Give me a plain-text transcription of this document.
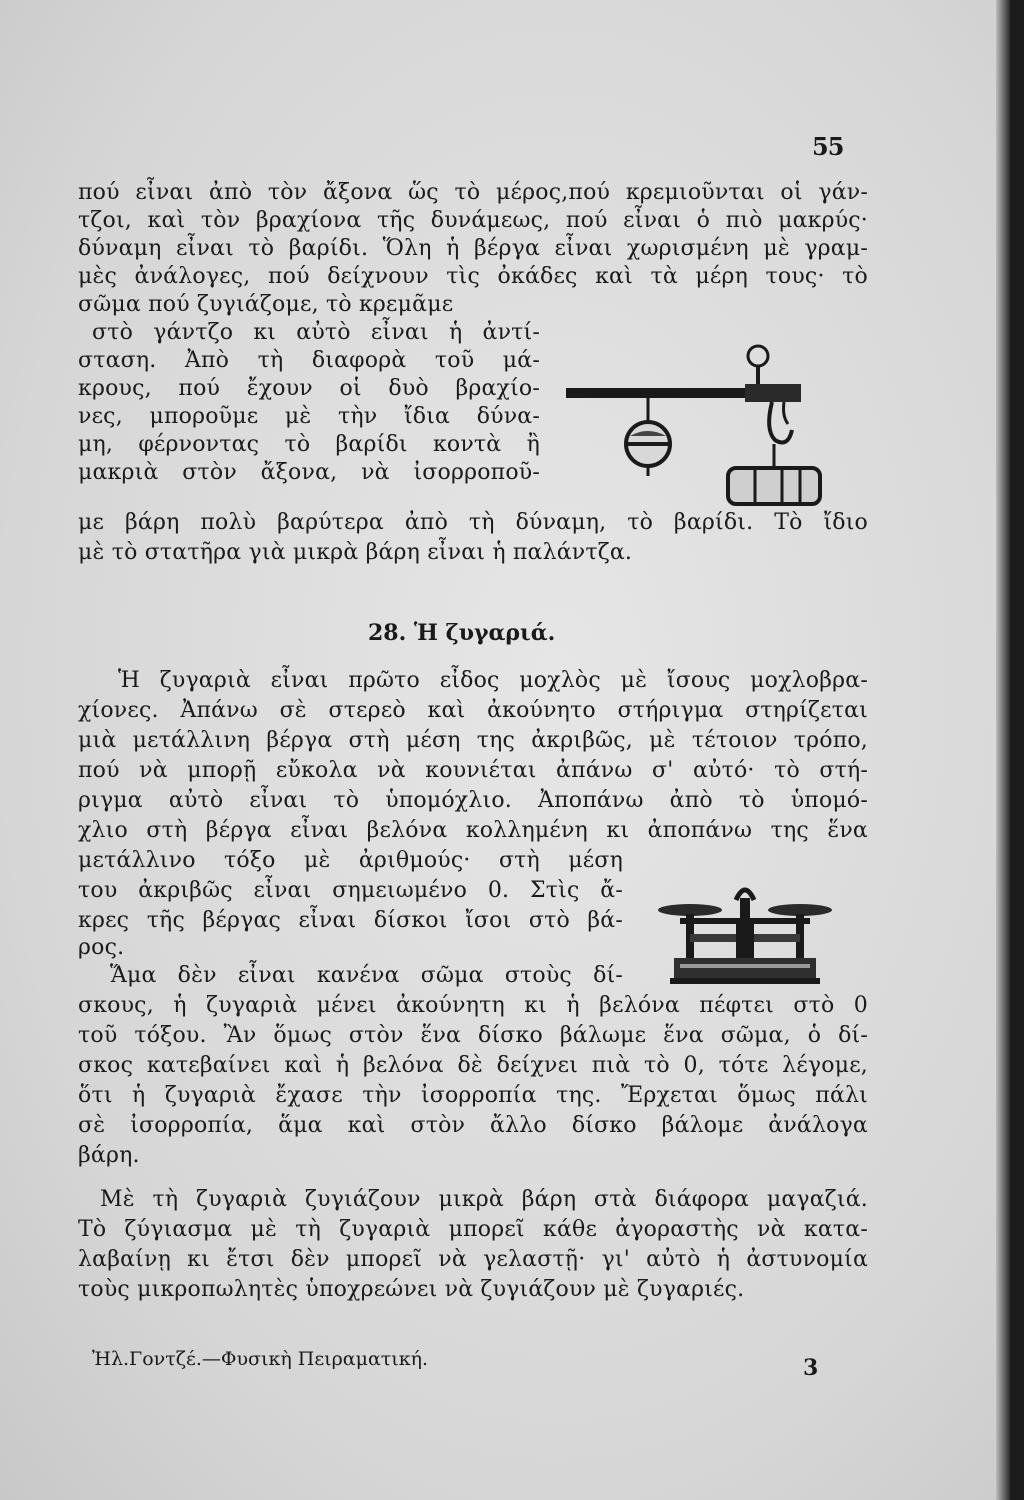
55
πού εἶναι ἀπὸ τὸν ἄξονα ὥς τὸ μέρος,πού κρεμιοῦνται οἱ γάν-
τζοι, καὶ τὸν βραχίονα τῆς δυνάμεως, πού εἶναι ὁ πιὸ μακρύς·
δύναμη εἶναι τὸ βαρίδι. Ὅλη ἡ βέργα εἶναι χωρισμένη μὲ γραμ-
μὲς ἀνάλογες, πού δείχνουν τὶς ὀκάδες καὶ τὰ μέρη τους· τὸ
σῶμα πού ζυγιάζομε, τὸ κρεμᾶμε
στὸ γάντζο κι αὐτὸ εἶναι ἡ ἀντί-
σταση. Ἀπὸ τὴ διαφορὰ τοῦ μά-
κρους, πού ἔχουν οἱ δυὸ βραχίο-
νες, μποροῦμε μὲ τὴν ἴδια δύνα-
μη, φέρνοντας τὸ βαρίδι κοντὰ ἢ
μακριὰ στὸν ἄξονα, νὰ ἰσορροποῦ-
με βάρη πολὺ βαρύτερα ἀπὸ τὴ δύναμη, τὸ βαρίδι. Τὸ ἴδιο
μὲ τὸ στατῆρα γιὰ μικρὰ βάρη εἶναι ἡ παλάντζα.
28. Ἡ ζυγαριά.
Ἡ ζυγαριὰ εἶναι πρῶτο εἶδος μοχλὸς μὲ ἴσους μοχλοβρα-
χίονες. Ἀπάνω σὲ στερεὸ καὶ ἀκούνητο στήριγμα στηρίζεται
μιὰ μετάλλινη βέργα στὴ μέση της ἀκριβῶς, μὲ τέτοιον τρόπο,
πού νὰ μπορῇ εὔκολα νὰ κουνιέται ἀπάνω σ' αὐτό· τὸ στή-
ριγμα αὐτὸ εἶναι τὸ ὑπομόχλιο. Ἀποπάνω ἀπὸ τὸ ὑπομό-
χλιο στὴ βέργα εἶναι βελόνα κολλημένη κι ἀποπάνω της ἕνα
μετάλλινο τόξο μὲ ἀριθμούς· στὴ μέση
του ἀκριβῶς εἶναι σημειωμένο 0. Στὶς ἄ-
κρες τῆς βέργας εἶναι δίσκοι ἴσοι στὸ βά-
ρος.
Ἅμα δὲν εἶναι κανένα σῶμα στοὺς δί-
σκους, ἡ ζυγαριὰ μένει ἀκούνητη κι ἡ βελόνα πέφτει στὸ 0
τοῦ τόξου. Ἂν ὅμως στὸν ἕνα δίσκο βάλωμε ἕνα σῶμα, ὁ δί-
σκος κατεβαίνει καὶ ἡ βελόνα δὲ δείχνει πιὰ τὸ 0, τότε λέγομε,
ὅτι ἡ ζυγαριὰ ἔχασε τὴν ἰσορροπία της. Ἔρχεται ὅμως πάλι
σὲ ἰσορροπία, ἅμα καὶ στὸν ἄλλο δίσκο βάλομε ἀνάλογα
βάρη.
Μὲ τὴ ζυγαριὰ ζυγιάζουν μικρὰ βάρη στὰ διάφορα μαγαζιά.
Τὸ ζύγιασμα μὲ τὴ ζυγαριὰ μπορεῖ κάθε ἀγοραστὴς νὰ κατα-
λαβαίνῃ κι ἔτσι δὲν μπορεῖ νὰ γελαστῇ· γι' αὐτὸ ἡ ἀστυνομία
τοὺς μικροπωλητὲς ὑποχρεώνει νὰ ζυγιάζουν μὲ ζυγαριές.
Ἠλ.Γοντζέ.—Φυσικὴ Πειραματική.	3
